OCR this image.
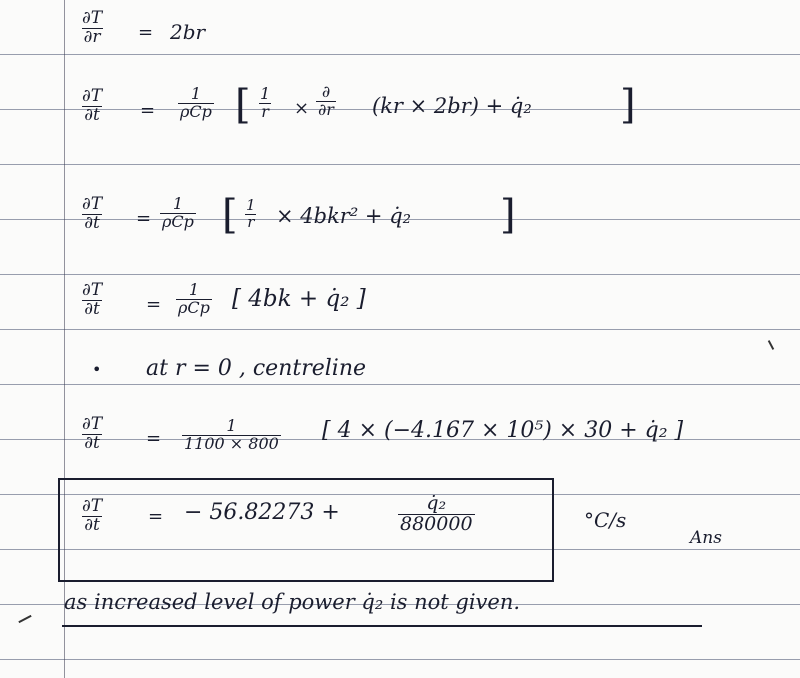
$\frac{\partial T}{\partial r} = 2br$
$\frac{\partial T}{\partial t}$ =
1
ρCp [ $\frac{1}{r}$ ×
∂
∂r (kr × 2br) + q̇₂ ]
$\frac{\partial T}{\partial t}$ =
1
ρCp [ $\frac{1}{r} \times 4bkr^2$ + q̇₂ ]
$\frac{\partial T}{\partial t}$ =
1
ρCp [ 4bk + q̇₂ ]
• at r = 0 , centreline
$\frac{\partial T}{\partial t} = \frac{1}{1100 \times 800}$ [ 4 × (−4.167 × 10⁵) × 30 + q̇₂ ]
$\frac{\partial T}{\partial t}$ = − 56.82273 +	$\frac{\text{q̇₂}}{880000}$	°C/s
Ans
as increased level of power q̇₂ is not given.
